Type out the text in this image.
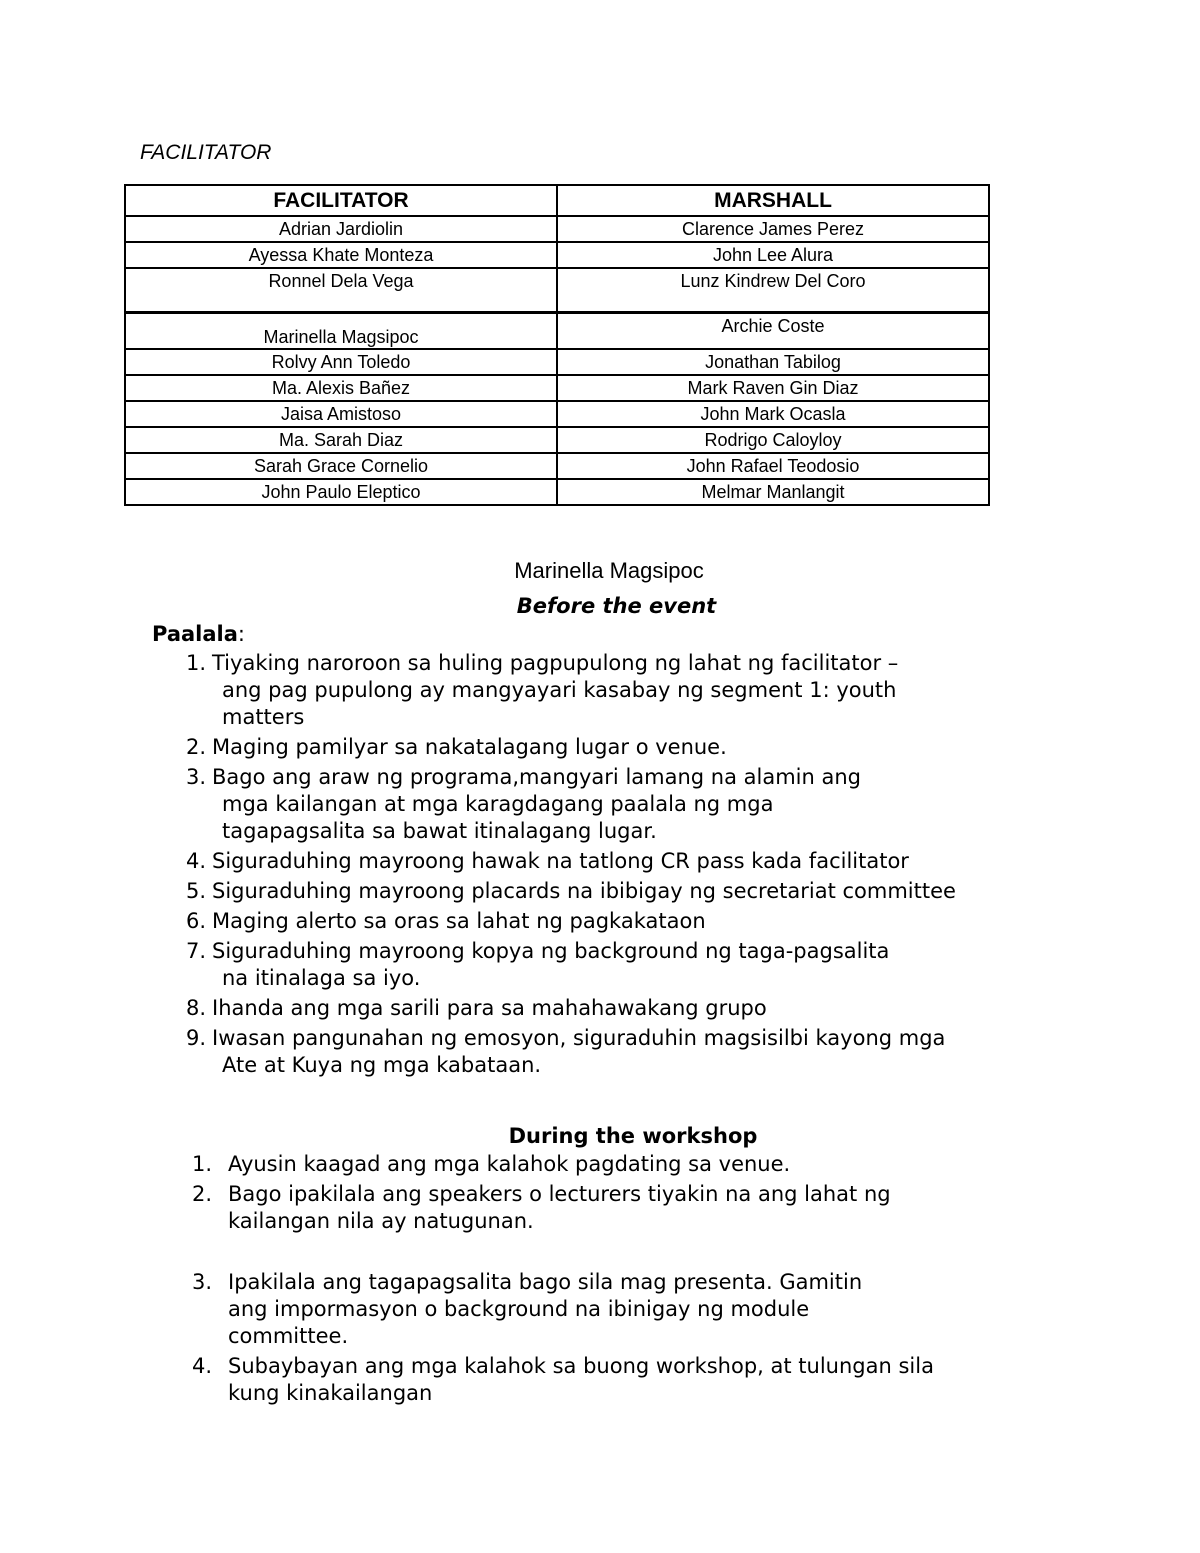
FACILITATOR
FACILITATOR	MARSHALL
Adrian Jardiolin	Clarence James Perez
Ayessa Khate Monteza	John Lee Alura
Ronnel Dela Vega	Lunz Kindrew Del Coro
Marinella Magsipoc	Archie Coste
Rolvy Ann Toledo	Jonathan Tabilog
Ma. Alexis Bañez	Mark Raven Gin Diaz
Jaisa Amistoso	John Mark Ocasla
Ma. Sarah Diaz	Rodrigo Caloyloy
Sarah Grace Cornelio	John Rafael Teodosio
John Paulo Eleptico	Melmar Manlangit
Marinella Magsipoc
Before the event
Paalala:
1. Tiyaking naroroon sa huling pagpupulong ng lahat ng facilitator –
ang pag pupulong ay mangyayari kasabay ng segment 1: youth
matters
2. Maging pamilyar sa nakatalagang lugar o venue.
3. Bago ang araw ng programa,mangyari lamang na alamin ang
mga kailangan at mga karagdagang paalala ng mga
tagapagsalita sa bawat itinalagang lugar.
4. Siguraduhing mayroong hawak na tatlong CR pass kada facilitator
5. Siguraduhing mayroong placards na ibibigay ng secretariat committee
6. Maging alerto sa oras sa lahat ng pagkakataon
7. Siguraduhing mayroong kopya ng background ng taga-pagsalita
na itinalaga sa iyo.
8. Ihanda ang mga sarili para sa mahahawakang grupo
9. Iwasan pangunahan ng emosyon, siguraduhin magsisilbi kayong mga
Ate at Kuya ng mga kabataan.
During the workshop
1. Ayusin kaagad ang mga kalahok pagdating sa venue.
2. Bago ipakilala ang speakers o lecturers tiyakin na ang lahat ng
kailangan nila ay natugunan.
3. Ipakilala ang tagapagsalita bago sila mag presenta. Gamitin
ang impormasyon o background na ibinigay ng module
committee.
4. Subaybayan ang mga kalahok sa buong workshop, at tulungan sila
kung kinakailangan
